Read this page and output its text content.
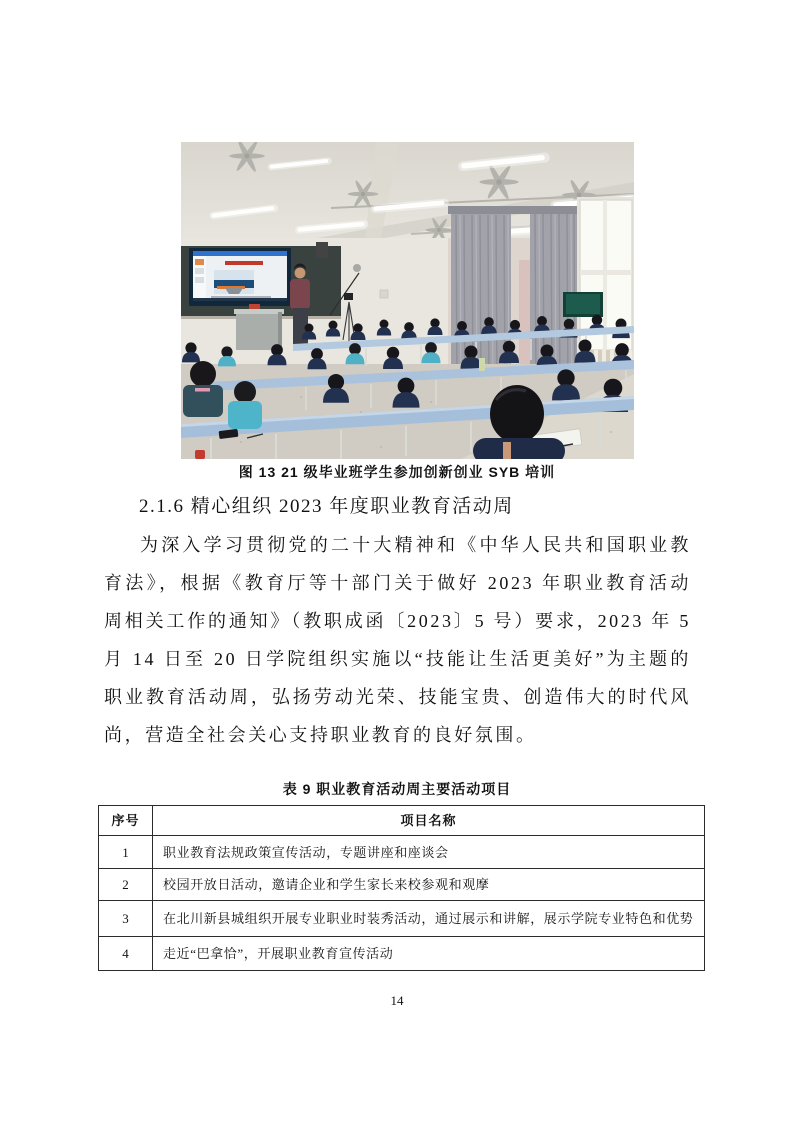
图 13 21 级毕业班学生参加创新创业 SYB 培训
2.1.6 精心组织 2023 年度职业教育活动周

为深入学习贯彻党的二十大精神和《中华人民共和国职业教育法》，根据《教育厅等十部门关于做好 2023 年职业教育活动周相关工作的通知》（教职成函〔2023〕5 号）要求，2023 年 5 月 14 日至 20 日学院组织实施以“技能让生活更美好”为主题的职业教育活动周，弘扬劳动光荣、技能宝贵、创造伟大的时代风尚，营造全社会关心支持职业教育的良好氛围。

表 9 职业教育活动周主要活动项目
序号	项目名称
1	职业教育法规政策宣传活动，专题讲座和座谈会
2	校园开放日活动，邀请企业和学生家长来校参观和观摩
3	在北川新县城组织开展专业职业时装秀活动，通过展示和讲解，展示学院专业特色和优势
4	走近“巴拿恰”，开展职业教育宣传活动
14
